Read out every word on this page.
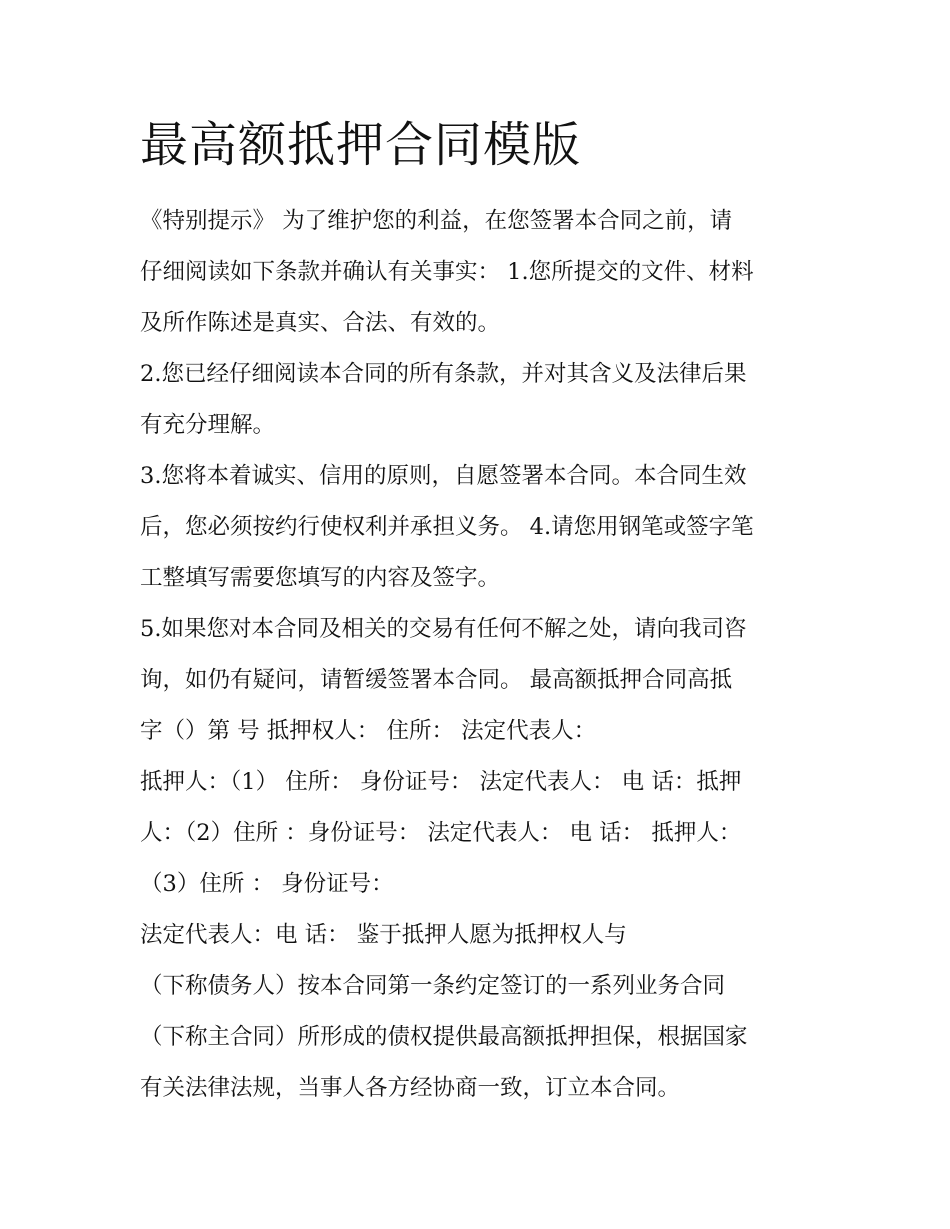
最高额抵押合同模版

《特别提示》 为了维护您的利益，在您签署本合同之前，请

仔细阅读如下条款并确认有关事实： 1.您所提交的文件、材料

及所作陈述是真实、合法、有效的。

2.您已经仔细阅读本合同的所有条款，并对其含义及法律后果

有充分理解。

3.您将本着诚实、信用的原则，自愿签署本合同。本合同生效

后，您必须按约行使权利并承担义务。 4.请您用钢笔或签字笔

工整填写需要您填写的内容及签字。

5.如果您对本合同及相关的交易有任何不解之处，请向我司咨

询，如仍有疑问，请暂缓签署本合同。 最高额抵押合同高抵

字（）第 号 抵押权人： 住所： 法定代表人：

抵押人：（1） 住所： 身份证号： 法定代表人： 电 话：抵押

人：（2）住所 ：身份证号： 法定代表人： 电 话： 抵押人：

（3）住所 ： 身份证号：

法定代表人：电 话： 鉴于抵押人愿为抵押权人与

（下称债务人）按本合同第一条约定签订的一系列业务合同

（下称主合同）所形成的债权提供最高额抵押担保，根据国家

有关法律法规，当事人各方经协商一致，订立本合同。
